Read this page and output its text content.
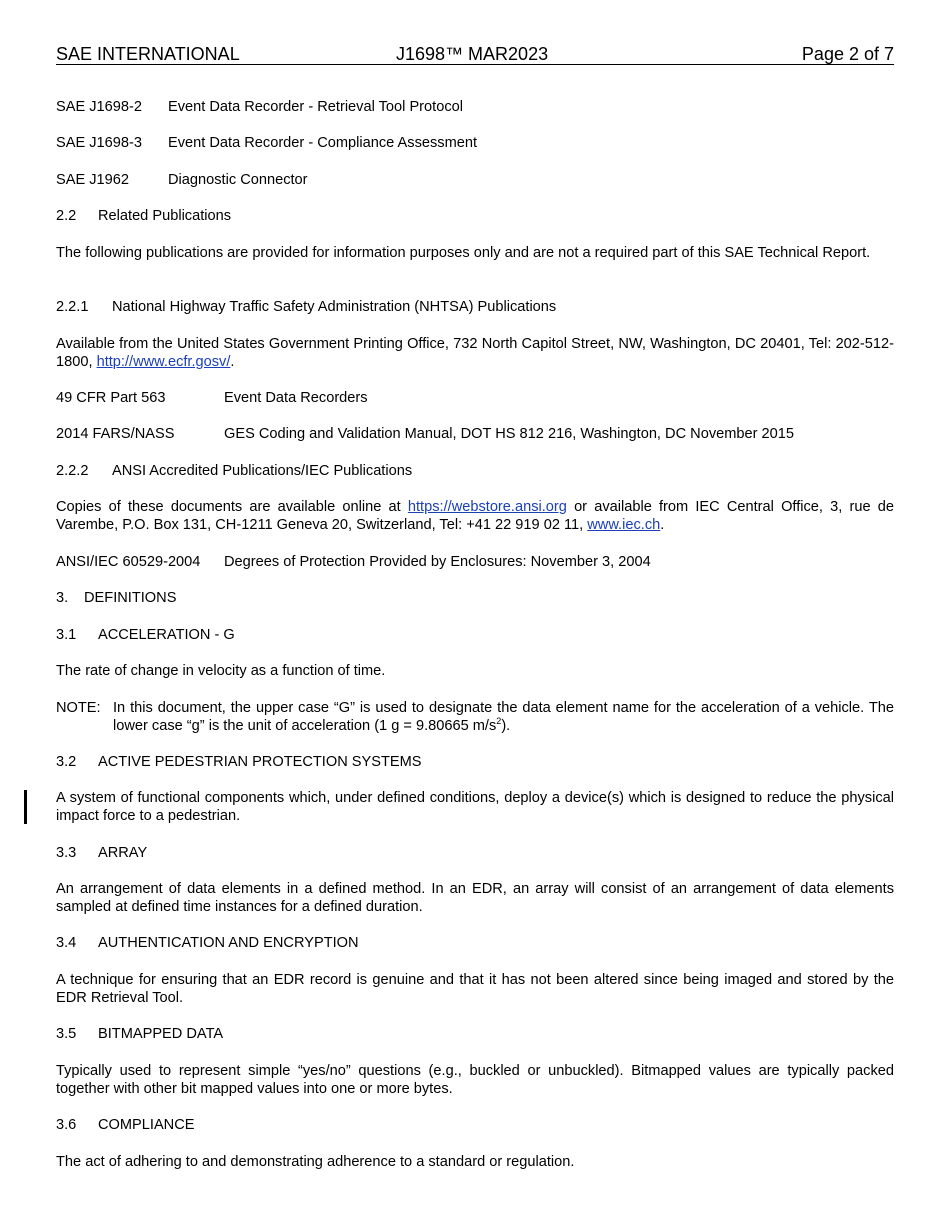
SAE INTERNATIONAL	J1698™ MAR2023	Page 2 of 7
SAE J1698-2 Event Data Recorder - Retrieval Tool Protocol
SAE J1698-3 Event Data Recorder - Compliance Assessment
SAE J1962	Diagnostic Connector
2.2 Related Publications

The following publications are provided for information purposes only and are not a required part of this SAE Technical Report.

2.2.1 National Highway Traffic Safety Administration (NHTSA) Publications

Available from the United States Government Printing Office, 732 North Capitol Street, NW, Washington, DC 20401, Tel: 202-512-1800, http://www.ecfr.gosv/.

49 CFR Part 563	Event Data Recorders
2014 FARS/NASS	GES Coding and Validation Manual, DOT HS 812 216, Washington, DC November 2015
2.2.2 ANSI Accredited Publications/IEC Publications

Copies of these documents are available online at https://webstore.ansi.org or available from IEC Central Office, 3, rue de Varembe, P.O. Box 131, CH-1211 Geneva 20, Switzerland, Tel: +41 22 919 02 11, www.iec.ch.

ANSI/IEC 60529-2004 Degrees of Protection Provided by Enclosures: November 3, 2004
3. DEFINITIONS
3.1 ACCELERATION - G

The rate of change in velocity as a function of time.

NOTE: In this document, the upper case “G” is used to designate the data element name for the acceleration of a vehicle. The lower case “g” is the unit of acceleration (1 g = 9.80665 $m/s^2$).
3.2 ACTIVE PEDESTRIAN PROTECTION SYSTEMS

A system of functional components which, under defined conditions, deploy a device(s) which is designed to reduce the physical impact force to a pedestrian.

3.3 ARRAY

An arrangement of data elements in a defined method. In an EDR, an array will consist of an arrangement of data elements sampled at defined time instances for a defined duration.

3.4 AUTHENTICATION AND ENCRYPTION

A technique for ensuring that an EDR record is genuine and that it has not been altered since being imaged and stored by the EDR Retrieval Tool.

3.5 BITMAPPED DATA

Typically used to represent simple “yes/no” questions (e.g., buckled or unbuckled). Bitmapped values are typically packed together with other bit mapped values into one or more bytes.

3.6 COMPLIANCE

The act of adhering to and demonstrating adherence to a standard or regulation.
